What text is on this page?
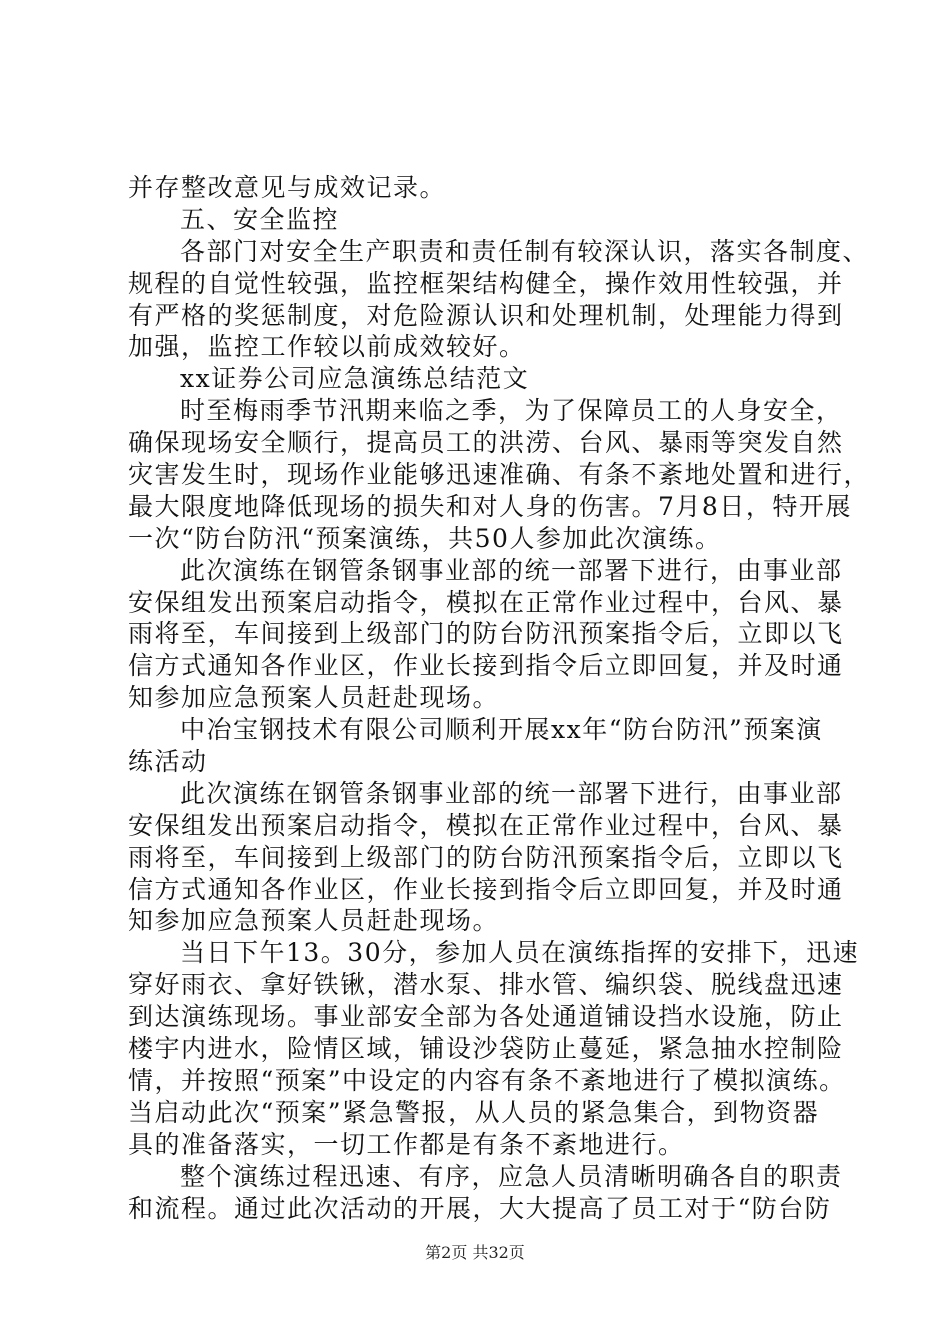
并存整改意见与成效记录。
五、安全监控
各部门对安全生产职责和责任制有较深认识，落实各制度、
规程的自觉性较强，监控框架结构健全，操作效用性较强，并
有严格的奖惩制度，对危险源认识和处理机制，处理能力得到
加强，监控工作较以前成效较好。
xx证券公司应急演练总结范文
时至梅雨季节汛期来临之季，为了保障员工的人身安全，
确保现场安全顺行，提高员工的洪涝、台风、暴雨等突发自然
灾害发生时，现场作业能够迅速准确、有条不紊地处置和进行，
最大限度地降低现场的损失和对人身的伤害。7月8日，特开展
一次“防台防汛“预案演练，共50人参加此次演练。
此次演练在钢管条钢事业部的统一部署下进行，由事业部
安保组发出预案启动指令，模拟在正常作业过程中，台风、暴
雨将至，车间接到上级部门的防台防汛预案指令后，立即以飞
信方式通知各作业区，作业长接到指令后立即回复，并及时通
知参加应急预案人员赶赴现场。
中冶宝钢技术有限公司顺利开展xx年“防台防汛”预案演
练活动
此次演练在钢管条钢事业部的统一部署下进行，由事业部
安保组发出预案启动指令，模拟在正常作业过程中，台风、暴
雨将至，车间接到上级部门的防台防汛预案指令后，立即以飞
信方式通知各作业区，作业长接到指令后立即回复，并及时通
知参加应急预案人员赶赴现场。
当日下午13。30分，参加人员在演练指挥的安排下，迅速
穿好雨衣、拿好铁锹，潜水泵、排水管、编织袋、脱线盘迅速
到达演练现场。事业部安全部为各处通道铺设挡水设施，防止
楼宇内进水，险情区域，铺设沙袋防止蔓延，紧急抽水控制险
情，并按照“预案”中设定的内容有条不紊地进行了模拟演练。
当启动此次“预案”紧急警报，从人员的紧急集合，到物资器
具的准备落实，一切工作都是有条不紊地进行。
整个演练过程迅速、有序，应急人员清晰明确各自的职责
和流程。通过此次活动的开展，大大提高了员工对于“防台防
第2页 共32页
